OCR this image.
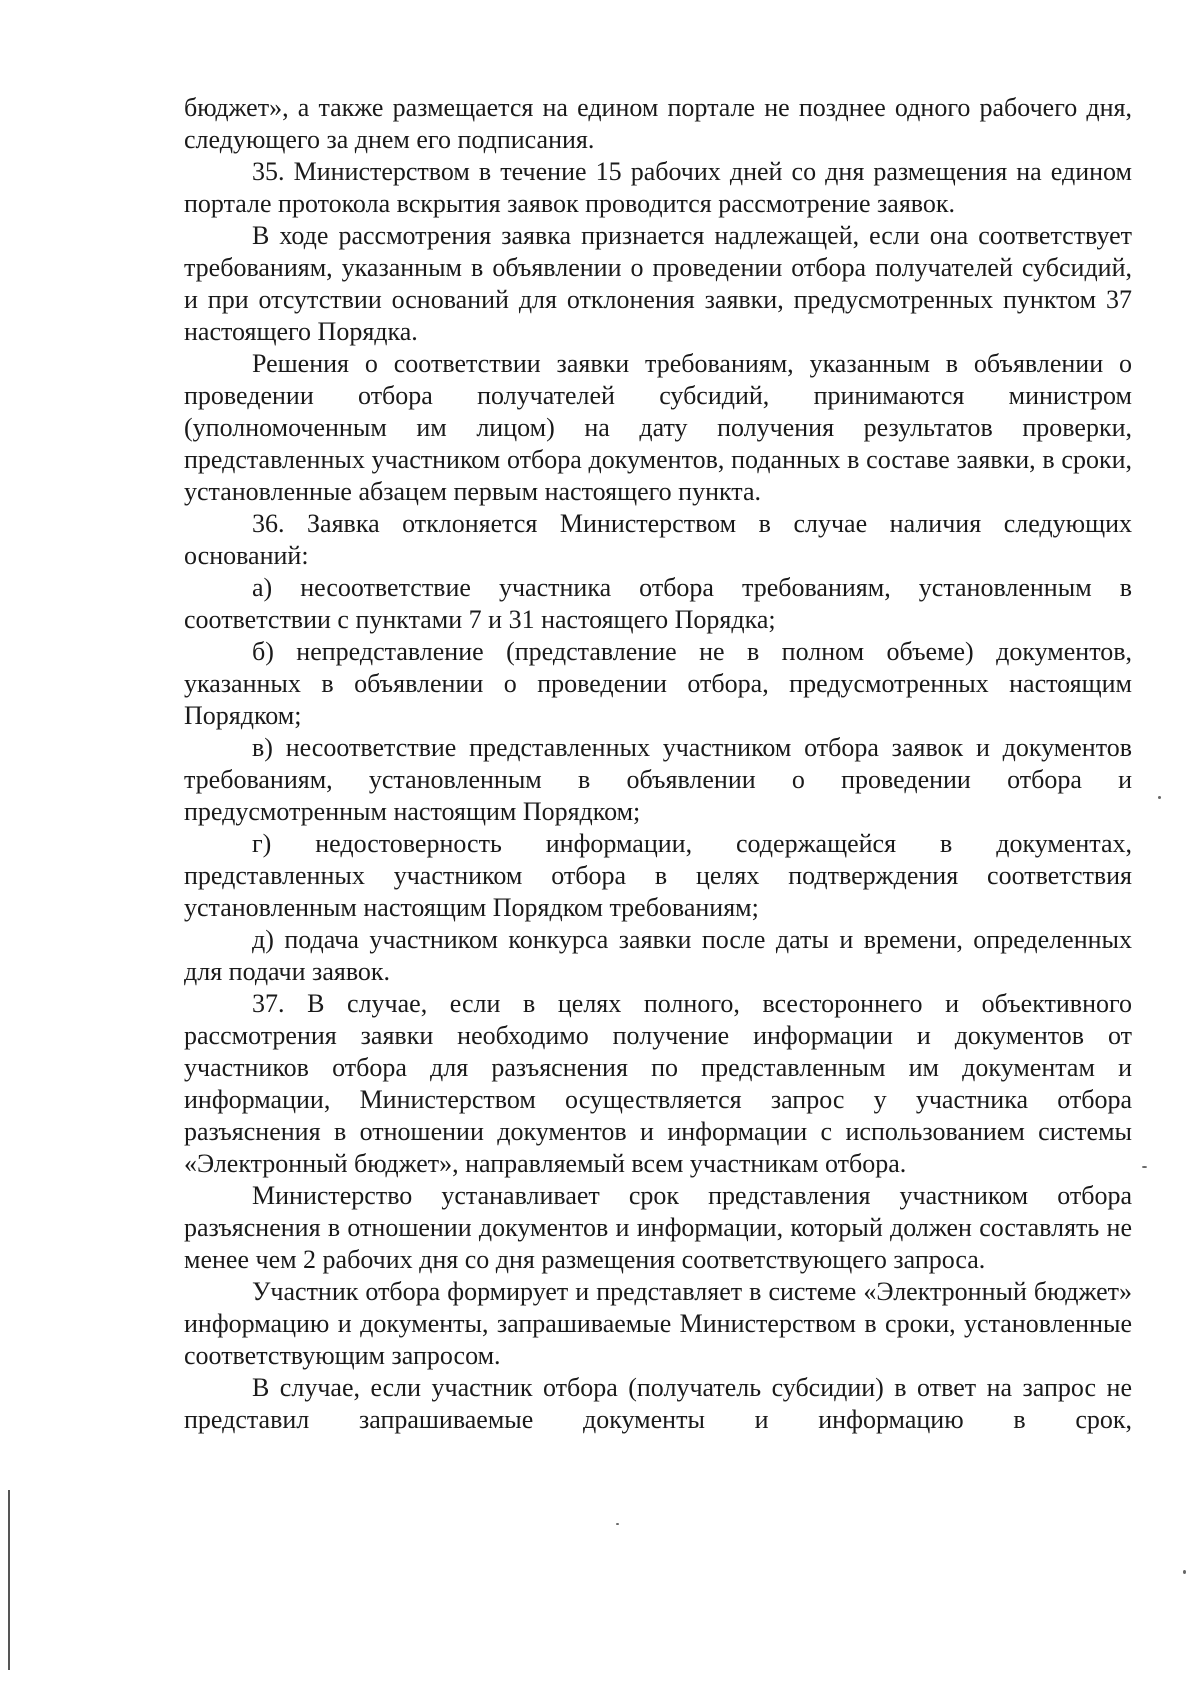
бюджет», а также размещается на едином портале не позднее одного рабочего дня, следующего за днем его подписания.

35. Министерством в течение 15 рабочих дней со дня размещения на едином портале протокола вскрытия заявок проводится рассмотрение заявок.

В ходе рассмотрения заявка признается надлежащей, если она соответствует требованиям, указанным в объявлении о проведении отбора получателей субсидий, и при отсутствии оснований для отклонения заявки, предусмотренных пунктом 37 настоящего Порядка.

Решения о соответствии заявки требованиям, указанным в объявлении о проведении отбора получателей субсидий, принимаются министром (уполномоченным им лицом) на дату получения результатов проверки, представленных участником отбора документов, поданных в составе заявки, в сроки, установленные абзацем первым настоящего пункта.

36. Заявка отклоняется Министерством в случае наличия следующих оснований:

а) несоответствие участника отбора требованиям, установленным в соответствии с пунктами 7 и 31 настоящего Порядка;

б) непредставление (представление не в полном объеме) документов, указанных в объявлении о проведении отбора, предусмотренных настоящим Порядком;

в) несоответствие представленных участником отбора заявок и документов требованиям, установленным в объявлении о проведении отбора и предусмотренным настоящим Порядком;

г) недостоверность информации, содержащейся в документах, представленных участником отбора в целях подтверждения соответствия установленным настоящим Порядком требованиям;

д) подача участником конкурса заявки после даты и времени, определенных для подачи заявок.

37. В случае, если в целях полного, всестороннего и объективного рассмотрения заявки необходимо получение информации и документов от участников отбора для разъяснения по представленным им документам и информации, Министерством осуществляется запрос у участника отбора разъяснения в отношении документов и информации с использованием системы «Электронный бюджет», направляемый всем участникам отбора.

Министерство устанавливает срок представления участником отбора разъяснения в отношении документов и информации, который должен составлять не менее чем 2 рабочих дня со дня размещения соответствующего запроса.

Участник отбора формирует и представляет в системе «Электронный бюджет» информацию и документы, запрашиваемые Министерством в сроки, установленные соответствующим запросом.

В случае, если участник отбора (получатель субсидии) в ответ на запрос не представил запрашиваемые документы и информацию в срок,
